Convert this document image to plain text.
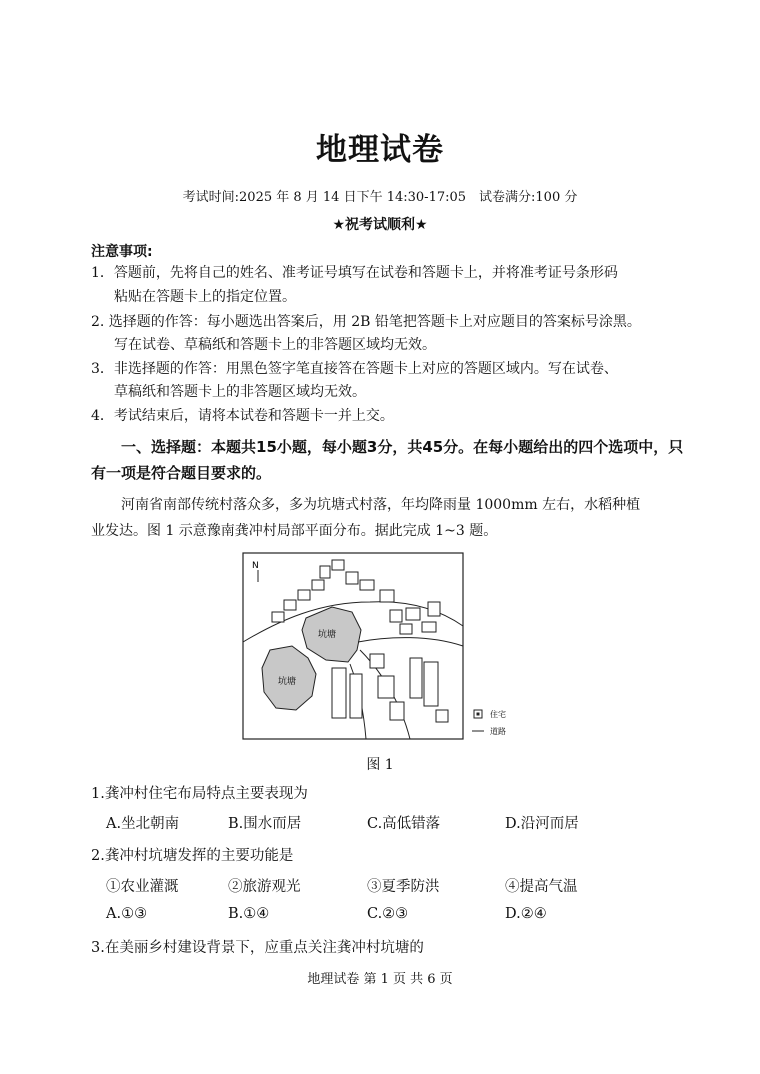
地理试卷
考试时间:2025 年 8 月 14 日下午 14:30-17:05　试卷满分:100 分
★祝考试顺利★
注意事项:
1．答题前，先将自己的姓名、准考证号填写在试卷和答题卡上，并将准考证号条形码
粘贴在答题卡上的指定位置。
2. 选择题的作答：每小题选出答案后，用 2B 铅笔把答题卡上对应题目的答案标号涂黑。
写在试卷、草稿纸和答题卡上的非答题区域均无效。
3．非选择题的作答：用黑色签字笔直接答在答题卡上对应的答题区域内。写在试卷、
草稿纸和答题卡上的非答题区域均无效。
4．考试结束后，请将本试卷和答题卡一并上交。
一、选择题：本题共15小题，每小题3分，共45分。在每小题给出的四个选项中，只
有一项是符合题目要求的。
河南省南部传统村落众多，多为坑塘式村落，年均降雨量 1000mm 左右，水稻种植
业发达。图 1 示意豫南龚冲村局部平面分布。据此完成 1~3 题。
N
坑塘
坑塘
住宅
道路
图 1
1.龚冲村住宅布局特点主要表现为
A.坐北朝南	B.围水而居	C.高低错落	D.沿河而居
2.龚冲村坑塘发挥的主要功能是
①农业灌溉	②旅游观光	③夏季防洪	④提高气温
A.①③	B.①④	C.②③	D.②④
3.在美丽乡村建设背景下，应重点关注龚冲村坑塘的
地理试卷 第 1 页 共 6 页
